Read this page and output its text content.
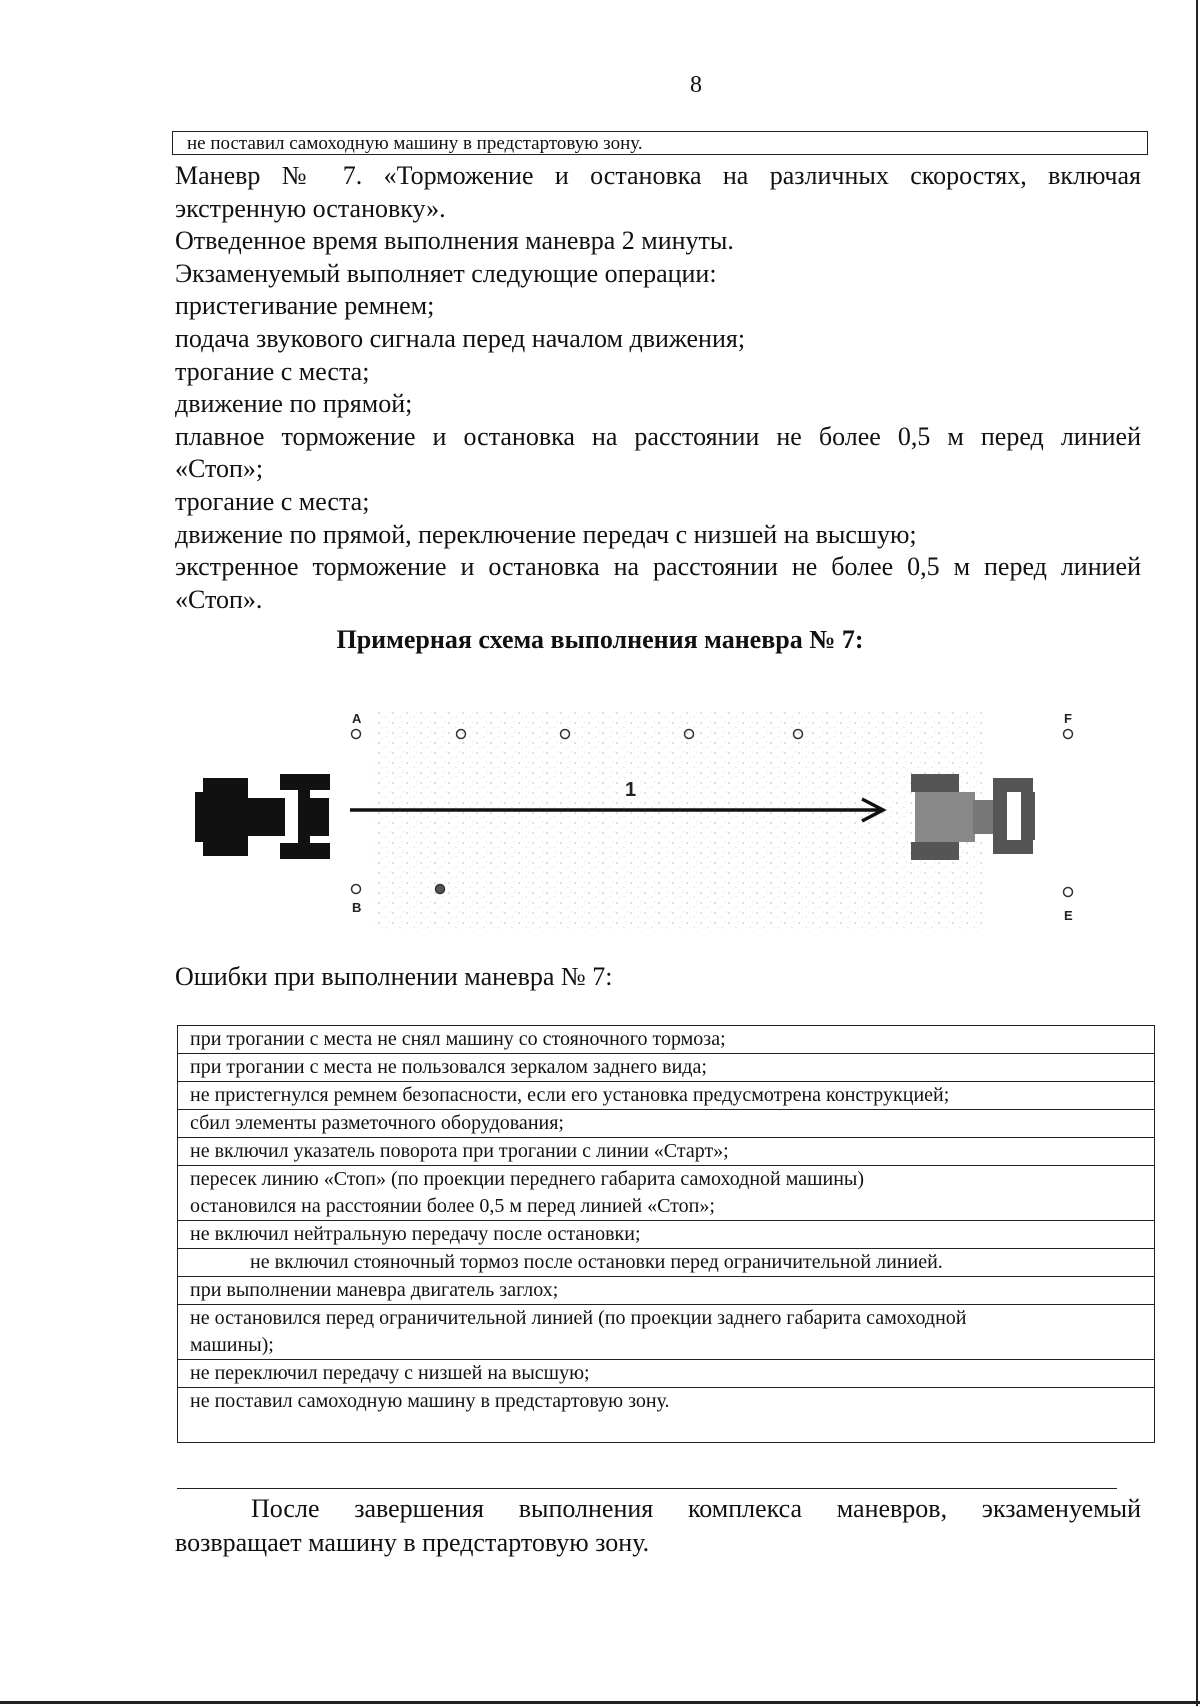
8
не поставил самоходную машину в предстартовую зону.

Маневр № 7. «Торможение и остановка на различных скоростях, включая

экстренную остановку».

Отведенное время выполнения маневра 2 минуты.

Экзаменуемый выполняет следующие операции:

пристегивание ремнем;

подача звукового сигнала перед началом движения;

трогание с места;

движение по прямой;

плавное торможение и остановка на расстоянии не более 0,5 м перед линией

«Стоп»;

трогание с места;

движение по прямой, переключение передач с низшей на высшую;

экстренное торможение и остановка на расстоянии не более 0,5 м перед линией

«Стоп».

Примерная схема выполнения маневра № 7:
1
A
B
F
E
Ошибки при выполнении маневра № 7:
при трогании с места не снял машину со стояночного тормоза;
при трогании с места не пользовался зеркалом заднего вида;
не пристегнулся ремнем безопасности, если его установка предусмотрена конструкцией;
сбил элементы разметочного оборудования;
не включил указатель поворота при трогании с линии «Старт»;
пересек линию «Стоп» (по проекции переднего габарита самоходной машины)
остановился на расстоянии более 0,5 м перед линией «Стоп»;
не включил нейтральную передачу после остановки;
не включил стояночный тормоз после остановки перед ограничительной линией.
при выполнении маневра двигатель заглох;
не остановился перед ограничительной линией (по проекции заднего габарита самоходной
машины);
не переключил передачу с низшей на высшую;
не поставил самоходную машину в предстартовую зону.

После завершения выполнения комплекса маневров, экзаменуемый

возвращает машину в предстартовую зону.
